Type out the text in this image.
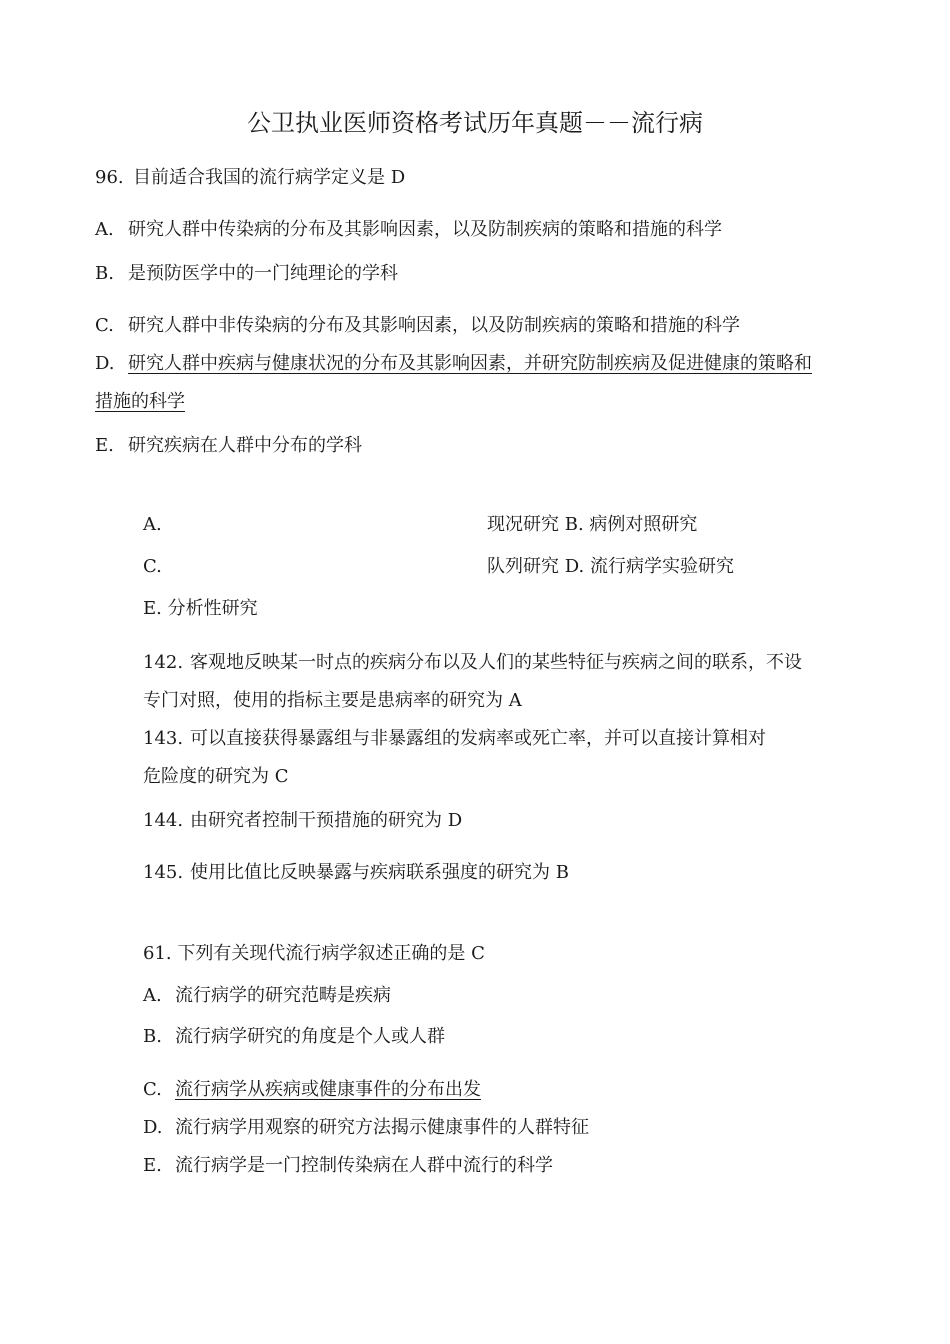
公卫执业医师资格考试历年真题－－流行病
96. 目前适合我国的流行病学定义是 D
A. 研究人群中传染病的分布及其影响因素，以及防制疾病的策略和措施的科学
B. 是预防医学中的一门纯理论的学科
C. 研究人群中非传染病的分布及其影响因素，以及防制疾病的策略和措施的科学
D. 研究人群中疾病与健康状况的分布及其影响因素，并研究防制疾病及促进健康的策略和
措施的科学
E. 研究疾病在人群中分布的学科
A.	现况研究 B. 病例对照研究
C.	队列研究 D. 流行病学实验研究
E. 分析性研究
142. 客观地反映某一时点的疾病分布以及人们的某些特征与疾病之间的联系，不设
专门对照，使用的指标主要是患病率的研究为 A
143. 可以直接获得暴露组与非暴露组的发病率或死亡率，并可以直接计算相对
危险度的研究为 C
144. 由研究者控制干预措施的研究为 D
145. 使用比值比反映暴露与疾病联系强度的研究为 B
61. 下列有关现代流行病学叙述正确的是 C
A. 流行病学的研究范畴是疾病
B. 流行病学研究的角度是个人或人群
C. 流行病学从疾病或健康事件的分布出发
D. 流行病学用观察的研究方法揭示健康事件的人群特征
E. 流行病学是一门控制传染病在人群中流行的科学
